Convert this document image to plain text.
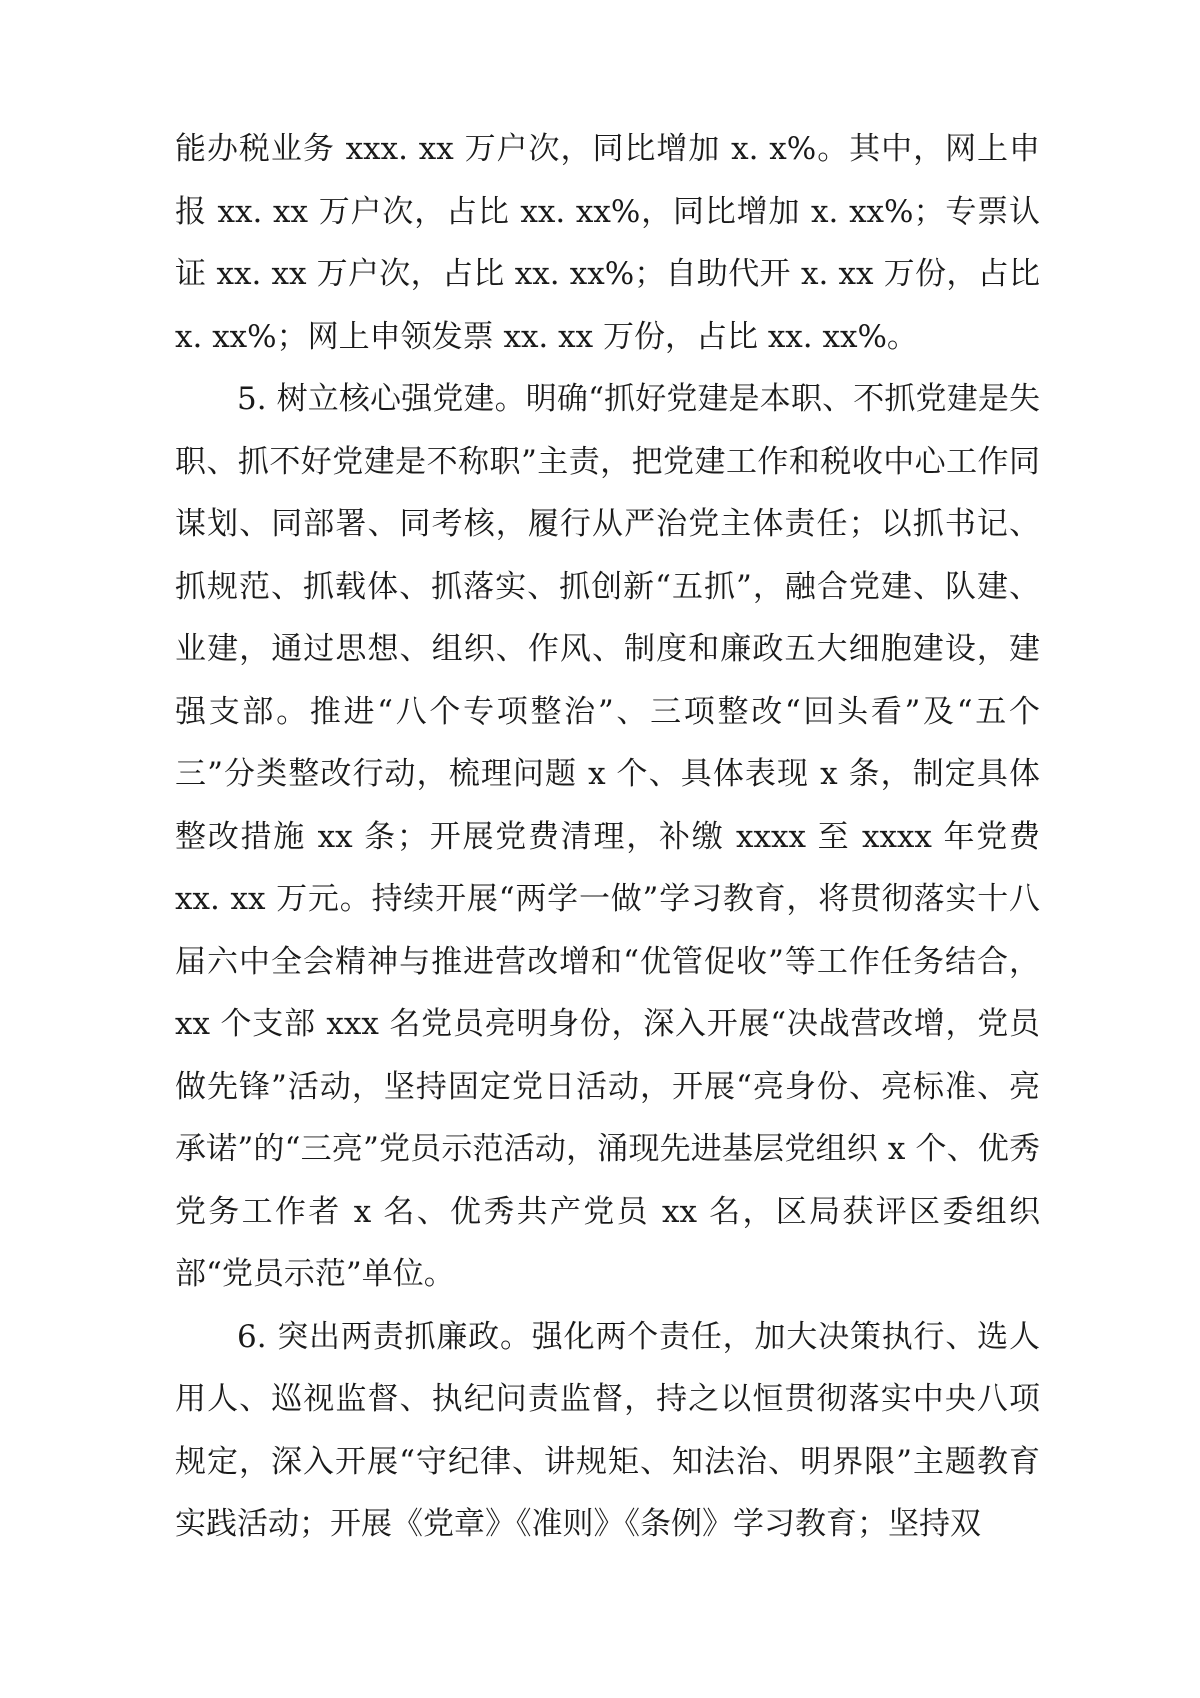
能办税业务 xxx. xx 万户次，同比增加 x. x%。其中，网上申报 xx. xx 万户次，占比 xx. xx%，同比增加 x. xx%；专票认证 xx. xx 万户次，占比 xx. xx%；自助代开 x. xx 万份，占比 x. xx%；网上申领发票 xx. xx 万份，占比 xx. xx%。

5. 树立核心强党建。明确“抓好党建是本职、不抓党建是失职、抓不好党建是不称职”主责，把党建工作和税收中心工作同谋划、同部署、同考核，履行从严治党主体责任；以抓书记、抓规范、抓载体、抓落实、抓创新“五抓”，融合党建、队建、业建，通过思想、组织、作风、制度和廉政五大细胞建设，建强支部。推进“八个专项整治”、三项整改“回头看”及“五个三”分类整改行动，梳理问题 x 个、具体表现 x 条，制定具体整改措施 xx 条；开展党费清理，补缴 xxxx 至 xxxx 年党费 xx. xx 万元。持续开展“两学一做”学习教育，将贯彻落实十八届六中全会精神与推进营改增和“优管促收”等工作任务结合，xx 个支部 xxx 名党员亮明身份，深入开展“决战营改增，党员做先锋”活动，坚持固定党日活动，开展“亮身份、亮标准、亮承诺”的“三亮”党员示范活动，涌现先进基层党组织 x 个、优秀党务工作者 x 名、优秀共产党员 xx 名，区局获评区委组织部“党员示范”单位。

6. 突出两责抓廉政。强化两个责任，加大决策执行、选人用人、巡视监督、执纪问责监督，持之以恒贯彻落实中央八项规定，深入开展“守纪律、讲规矩、知法治、明界限”主题教育实践活动；开展《党章》《准则》《条例》学习教育；坚持双
